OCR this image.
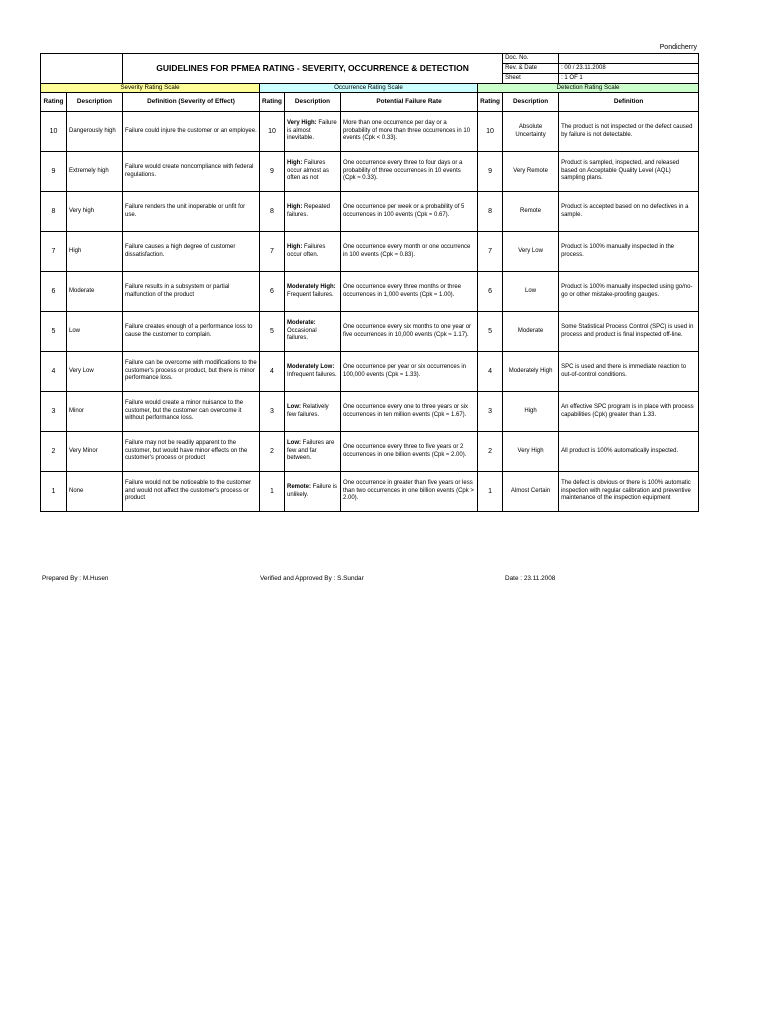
Pondicherry
		GUIDELINES FOR PFMEA RATING - SEVERITY, OCCURRENCE & DETECTION					Doc. No.	
							Rev. & Date	: 00 / 23.11.2008
							Sheet	: 1 OF 1
Severity Rating Scale			Occurrence Rating Scale			Detection Rating Scale		
Rating	Description	Definition (Severity of Effect)	Rating	Description	Potential Failure Rate	Rating	Description	Definition
10	Dangerously high	Failure could injure the customer or an employee.	10	Very High: Failure is almost inevitable.	More than one occurrence per day or a probability of more than three occurrences in 10 events (Cpk < 0.33).	10	Absolute Uncertainty	The product is not inspected or the defect caused by failure is not detectable.
9	Extremely high	Failure would create noncompliance with federal regulations.	9	High: Failures occur almost as often as not	One occurrence every three to four days or a probability of three occurrences in 10 events (Cpk ≈ 0.33).	9	Very Remote	Product is sampled, inspected, and released based on Acceptable Quality Level (AQL) sampling plans.
8	Very high	Failure renders the unit inoperable or unfit for use.	8	High: Repeated failures.	One occurrence per week or a probability of 5 occurrences in 100 events (Cpk ≈ 0.67).	8	Remote	Product is accepted based on no defectives in a sample.
7	High	Failure causes a high degree of customer dissatisfaction.	7	High: Failures occur often.	One occurrence every month or one occurrence in 100 events (Cpk ≈ 0.83).	7	Very Low	Product is 100% manually inspected in the process.
6	Moderate	Failure results in a subsystem or partial malfunction of the product	6	Moderately High: Frequent failures.	One occurrence every three months or three occurrences in 1,000 events (Cpk ≈ 1.00).	6	Low	Product is 100% manually inspected using go/no-go or other mistake-proofing gauges.
5	Low	Failure creates enough of a performance loss to cause the customer to complain.	5	Moderate: Occasional failures.	One occurrence every six months to one year or five occurrences in 10,000 events (Cpk ≈ 1.17).	5	Moderate	Some Statistical Process Control (SPC) is used in process and product is final inspected off-line.
4	Very Low	Failure can be overcome with modifications to the customer's process or product, but there is minor performance loss.	4	Moderately Low: Infrequent failures.	One occurrence per year or six occurrences in 100,000 events (Cpk ≈ 1.33).	4	Moderately High	SPC is used and there is immediate reaction to out-of-control conditions.
3	Minor	Failure would create a minor nuisance to the customer, but the customer can overcome it without performance loss.	3	Low: Relatively few failures.	One occurrence every one to three years or six occurrences in ten million events (Cpk ≈ 1.67).	3	High	An effective SPC program is in place with process capabilities (Cpk) greater than 1.33.
2	Very Minor	Failure may not be readily apparent to the customer, but would have minor effects on the customer's process or product	2	Low: Failures are few and far between.	One occurrence every three to five years or 2 occurrences in one billion events (Cpk ≈ 2.00).	2	Very High	All product is 100% automatically inspected.
1	None	Failure would not be noticeable to the customer and would not affect the customer's process or product	1	Remote: Failure is unlikely.	One occurrence in greater than five years or less than two occurrences in one billion events (Cpk > 2.00).	1	Almost Certain	The defect is obvious or there is 100% automatic inspection with regular calibration and preventive maintenance of the inspection equipment
Prepared By : M.Husen	Verified and Approved By : S.Sundar	Date : 23.11.2008
